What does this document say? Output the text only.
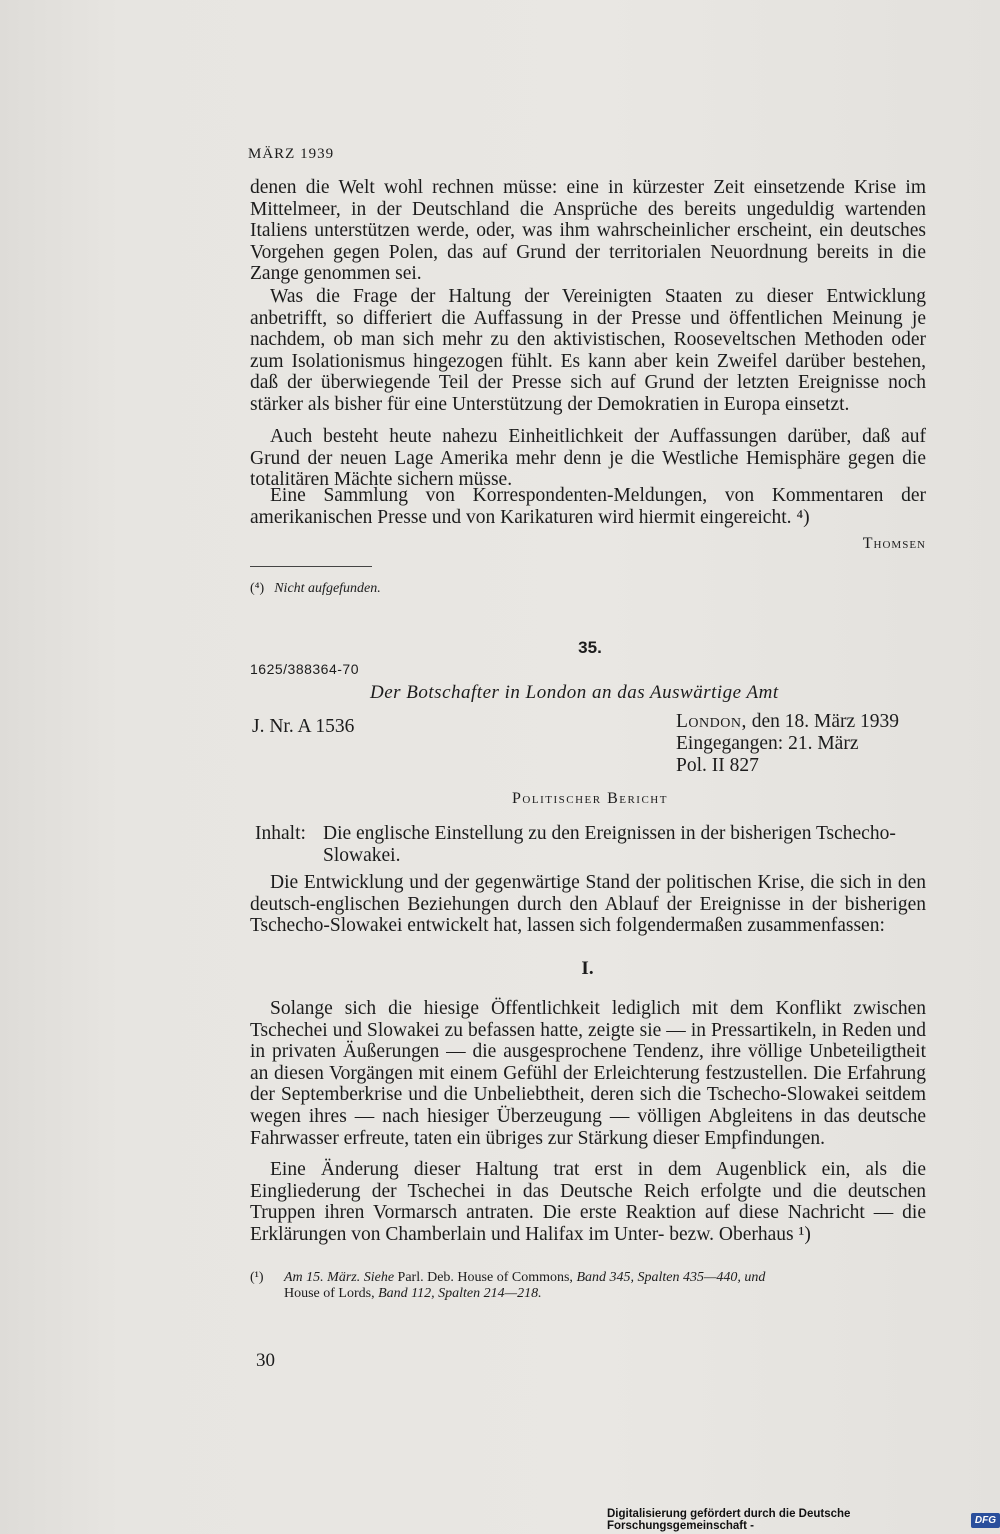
MÄRZ 1939

denen die Welt wohl rechnen müsse: eine in kürzester Zeit einsetzende Krise im Mittelmeer, in der Deutschland die Ansprüche des bereits ungeduldig wartenden Italiens unterstützen werde, oder, was ihm wahrscheinlicher erscheint, ein deutsches Vorgehen gegen Polen, das auf Grund der territorialen Neuordnung bereits in die Zange genommen sei.

Was die Frage der Haltung der Vereinigten Staaten zu dieser Entwicklung anbetrifft, so differiert die Auffassung in der Presse und öffentlichen Meinung je nachdem, ob man sich mehr zu den aktivistischen, Rooseveltschen Methoden oder zum Isolationismus hingezogen fühlt. Es kann aber kein Zweifel darüber bestehen, daß der überwiegende Teil der Presse sich auf Grund der letzten Ereignisse noch stärker als bisher für eine Unterstützung der Demokratien in Europa einsetzt.

Auch besteht heute nahezu Einheitlichkeit der Auffassungen darüber, daß auf Grund der neuen Lage Amerika mehr denn je die Westliche Hemisphäre gegen die totalitären Mächte sichern müsse.

Eine Sammlung von Korrespondenten-Meldungen, von Kommentaren der amerikanischen Presse und von Karikaturen wird hiermit eingereicht. ⁴)

Thomsen
(⁴) Nicht aufgefunden.
35.
1625/388364-70
Der Botschafter in London an das Auswärtige Amt
J. Nr. A 1536	London, den 18. März 1939
Eingegangen: 21. März
Pol. II 827
Politischer Bericht
Inhalt: Die englische Einstellung zu den Ereignissen in der bisherigen Tschecho-
Slowakei.

Die Entwicklung und der gegenwärtige Stand der politischen Krise, die sich in den deutsch-englischen Beziehungen durch den Ablauf der Ereignisse in der bisherigen Tschecho-Slowakei entwickelt hat, lassen sich folgendermaßen zusammenfassen:

I.

Solange sich die hiesige Öffentlichkeit lediglich mit dem Konflikt zwischen Tschechei und Slowakei zu befassen hatte, zeigte sie — in Pressartikeln, in Reden und in privaten Äußerungen — die ausgesprochene Tendenz, ihre völlige Unbeteiligtheit an diesen Vorgängen mit einem Gefühl der Erleichterung festzustellen. Die Erfahrung der Septemberkrise und die Unbeliebtheit, deren sich die Tschecho-Slowakei seitdem wegen ihres — nach hiesiger Überzeugung — völligen Abgleitens in das deutsche Fahrwasser erfreute, taten ein übriges zur Stärkung dieser Empfindungen.

Eine Änderung dieser Haltung trat erst in dem Augenblick ein, als die Eingliederung der Tschechei in das Deutsche Reich erfolgte und die deutschen Truppen ihren Vormarsch antraten. Die erste Reaktion auf diese Nachricht — die Erklärungen von Chamberlain und Halifax im Unter- bezw. Oberhaus ¹)

(¹) Am 15. März. Siehe Parl. Deb. House of Commons, Band 345, Spalten 435—440, und
House of Lords, Band 112, Spalten 214—218.
30
Digitalisierung gefördert durch die Deutsche Forschungsgemeinschaft -	DFG
